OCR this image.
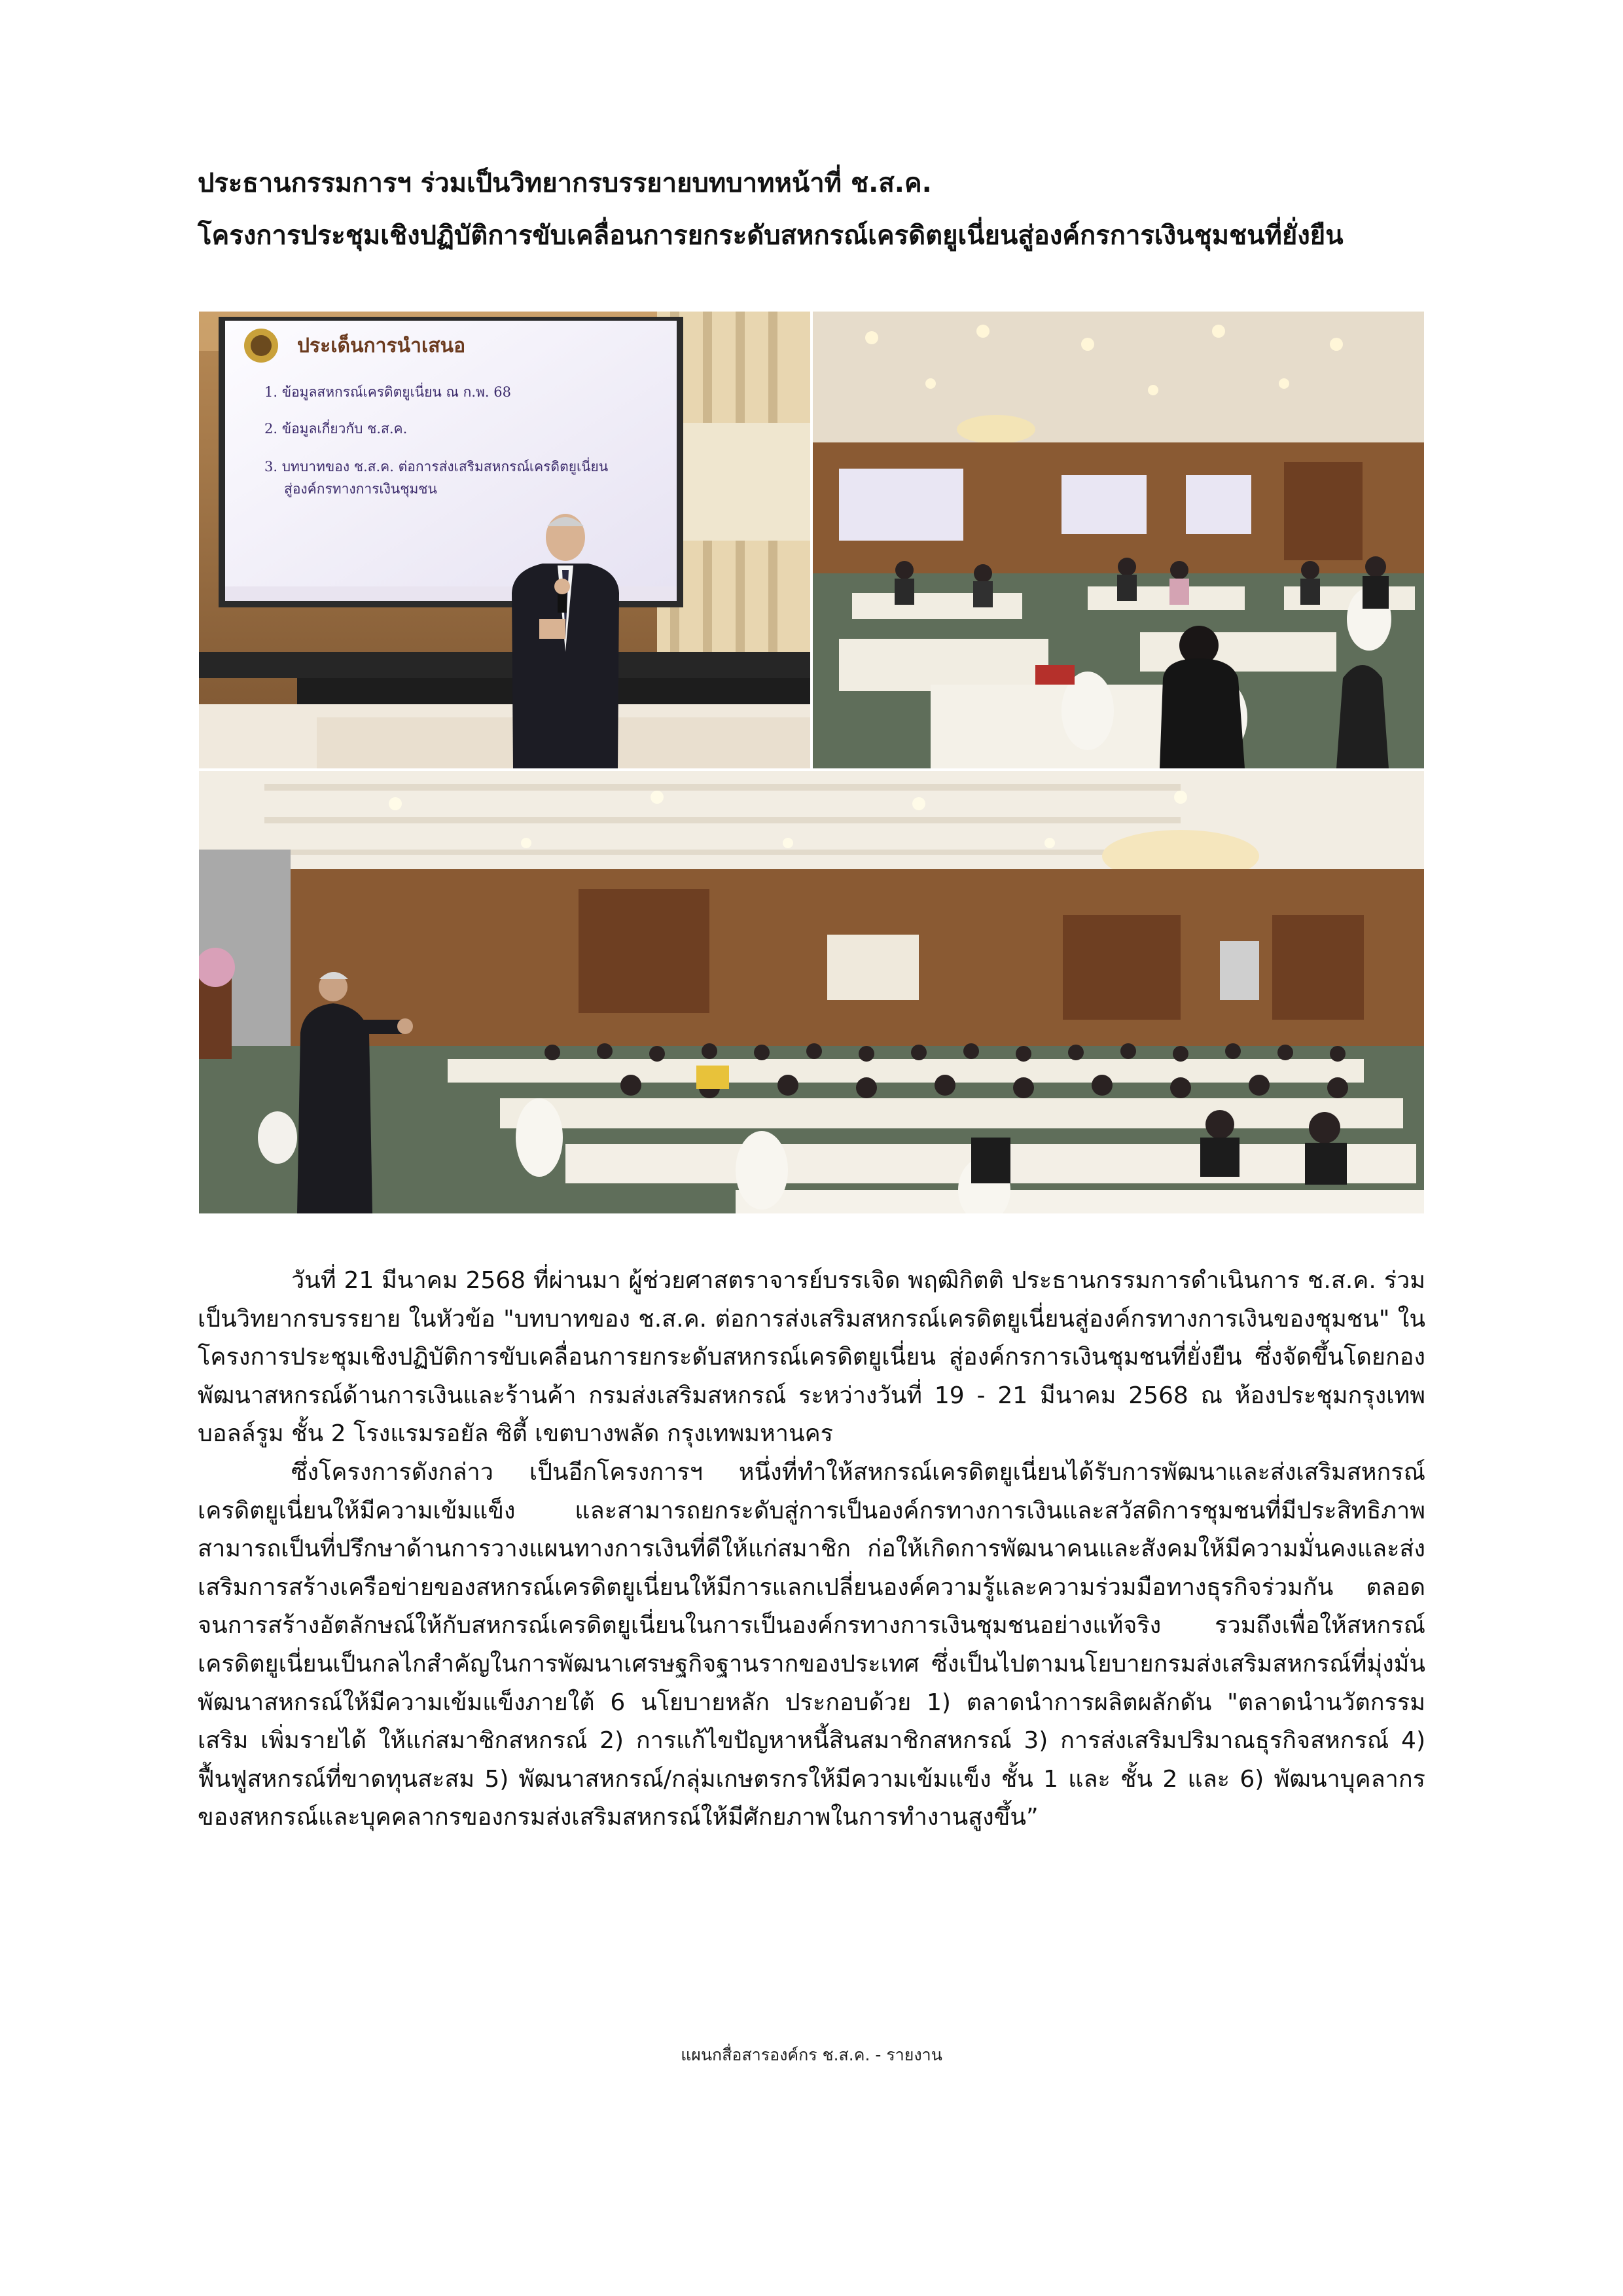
ประธานกรรมการฯ ร่วมเป็นวิทยากรบรรยายบทบาทหน้าที่ ช.ส.ค.
โครงการประชุมเชิงปฏิบัติการขับเคลื่อนการยกระดับสหกรณ์เครดิตยูเนี่ยนสู่องค์กรการเงินชุมชนที่ยั่งยืน
ประเด็นการนำเสนอ
1. ข้อมูลสหกรณ์เครดิตยูเนี่ยน ณ ก.พ. 68
2. ข้อมูลเกี่ยวกับ ช.ส.ค.
3. บทบาทของ ช.ส.ค. ต่อการส่งเสริมสหกรณ์เครดิตยูเนี่ยน
สู่องค์กรทางการเงินชุมชน

วันที่ 21 มีนาคม 2568 ที่ผ่านมา ผู้ช่วยศาสตราจารย์บรรเจิด พฤฒิกิตติ ประธานกรรมการดำเนินการ ช.ส.ค. ร่วมเป็นวิทยากรบรรยาย ในหัวข้อ "บทบาทของ ช.ส.ค. ต่อการส่งเสริมสหกรณ์เครดิตยูเนี่ยนสู่องค์กรทางการเงินของชุมชน" ในโครงการประชุมเชิงปฏิบัติการขับเคลื่อนการยกระดับสหกรณ์เครดิตยูเนี่ยน สู่องค์กรการเงินชุมชนที่ยั่งยืน ซึ่งจัดขึ้นโดยกองพัฒนาสหกรณ์ด้านการเงินและร้านค้า กรมส่งเสริมสหกรณ์ ระหว่างวันที่ 19 - 21 มีนาคม 2568 ณ ห้องประชุมกรุงเทพ บอลล์รูม ชั้น 2 โรงแรมรอยัล ซิตี้ เขตบางพลัด กรุงเทพมหานคร

ซึ่งโครงการดังกล่าว เป็นอีกโครงการฯ หนึ่งที่ทำให้สหกรณ์เครดิตยูเนี่ยนได้รับการพัฒนาและส่งเสริมสหกรณ์เครดิตยูเนี่ยนให้มีความเข้มแข็ง และสามารถยกระดับสู่การเป็นองค์กรทางการเงินและสวัสดิการชุมชนที่มีประสิทธิภาพ สามารถเป็นที่ปรึกษาด้านการวางแผนทางการเงินที่ดีให้แก่สมาชิก ก่อให้เกิดการพัฒนาคนและสังคมให้มีความมั่นคงและส่งเสริมการสร้างเครือข่ายของสหกรณ์เครดิตยูเนี่ยนให้มีการแลกเปลี่ยนองค์ความรู้และความร่วมมือทางธุรกิจร่วมกัน ตลอดจนการสร้างอัตลักษณ์ให้กับสหกรณ์เครดิตยูเนี่ยนในการเป็นองค์กรทางการเงินชุมชนอย่างแท้จริง รวมถึงเพื่อให้สหกรณ์เครดิตยูเนี่ยนเป็นกลไกสำคัญในการพัฒนาเศรษฐกิจฐานรากของประเทศ ซึ่งเป็นไปตามนโยบายกรมส่งเสริมสหกรณ์ที่มุ่งมั่นพัฒนาสหกรณ์ให้มีความเข้มแข็งภายใต้ 6 นโยบายหลัก ประกอบด้วย 1) ตลาดนำการผลิตผลักดัน "ตลาดนำนวัตกรรมเสริม เพิ่มรายได้ ให้แก่สมาชิกสหกรณ์ 2) การแก้ไขปัญหาหนี้สินสมาชิกสหกรณ์ 3) การส่งเสริมปริมาณธุรกิจสหกรณ์ 4) ฟื้นฟูสหกรณ์ที่ขาดทุนสะสม 5) พัฒนาสหกรณ์/กลุ่มเกษตรกรให้มีความเข้มแข็ง ชั้น 1 และ ชั้น 2 และ 6) พัฒนาบุคลากรของสหกรณ์และบุคคลากรของกรมส่งเสริมสหกรณ์ให้มีศักยภาพในการทำงานสูงขึ้น”

แผนกสื่อสารองค์กร ช.ส.ค. - รายงาน
